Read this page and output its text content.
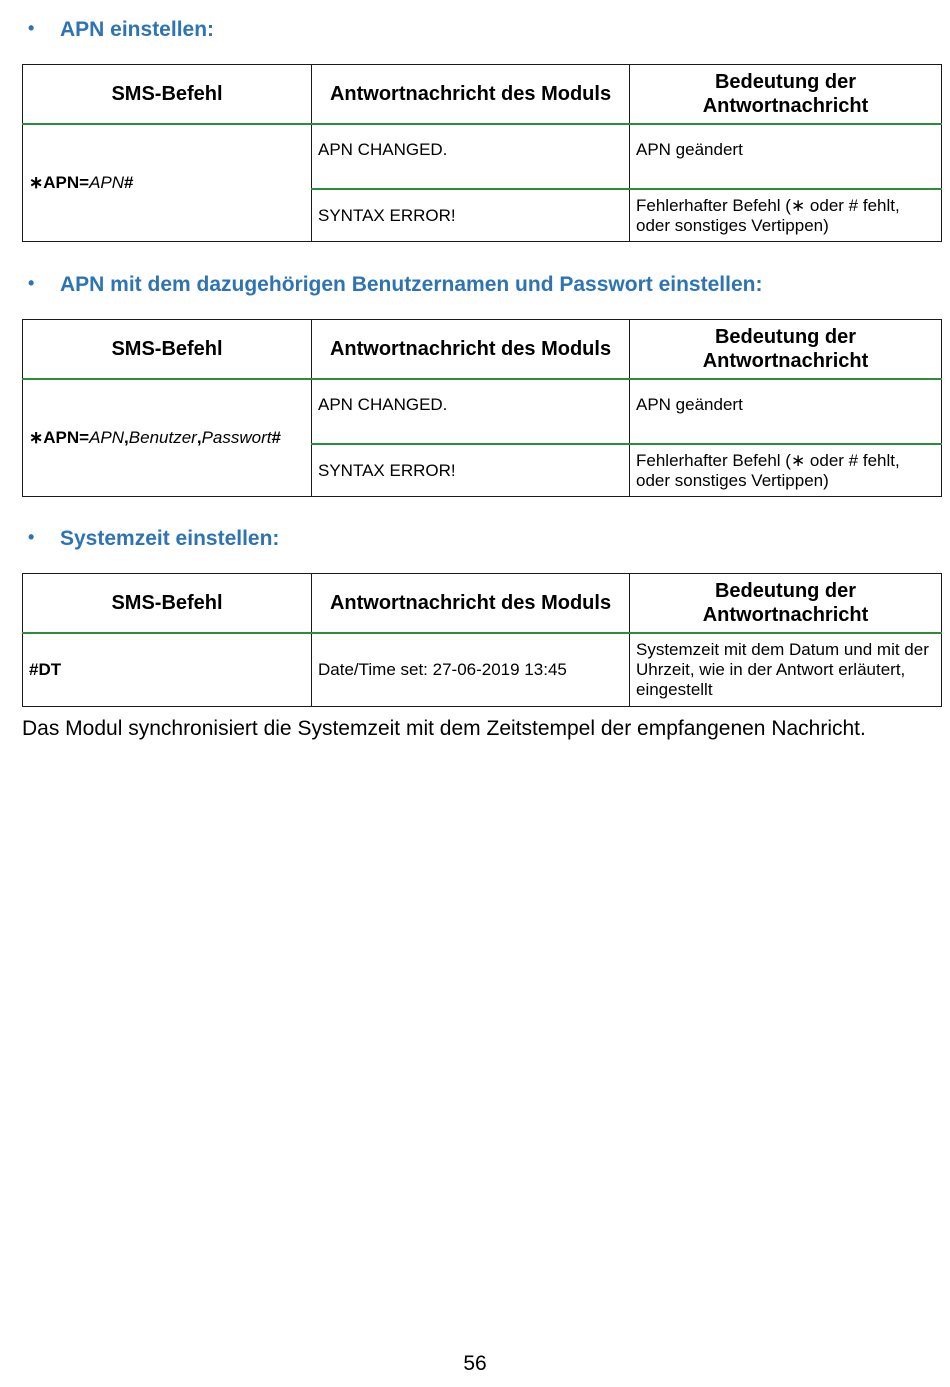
• APN einstellen:
SMS-Befehl	Antwortnachricht des Moduls	Bedeutung der
Antwortnachricht
∗APN=APN#	APN CHANGED.	APN geändert
	SYNTAX ERROR!	Fehlerhafter Befehl (∗ oder # fehlt, oder sonstiges Vertippen)
• APN mit dem dazugehörigen Benutzernamen und Passwort einstellen:
SMS-Befehl	Antwortnachricht des Moduls	Bedeutung der
Antwortnachricht
∗APN=APN,Benutzer,Passwort#	APN CHANGED.	APN geändert
	SYNTAX ERROR!	Fehlerhafter Befehl (∗ oder # fehlt, oder sonstiges Vertippen)
• Systemzeit einstellen:
SMS-Befehl	Antwortnachricht des Moduls	Bedeutung der
Antwortnachricht
#DT	Date/Time set: 27-06-2019 13:45	Systemzeit mit dem Datum und mit der Uhrzeit, wie in der Antwort erläutert, eingestellt
Das Modul synchronisiert die Systemzeit mit dem Zeitstempel der empfangenen Nachricht.
56
